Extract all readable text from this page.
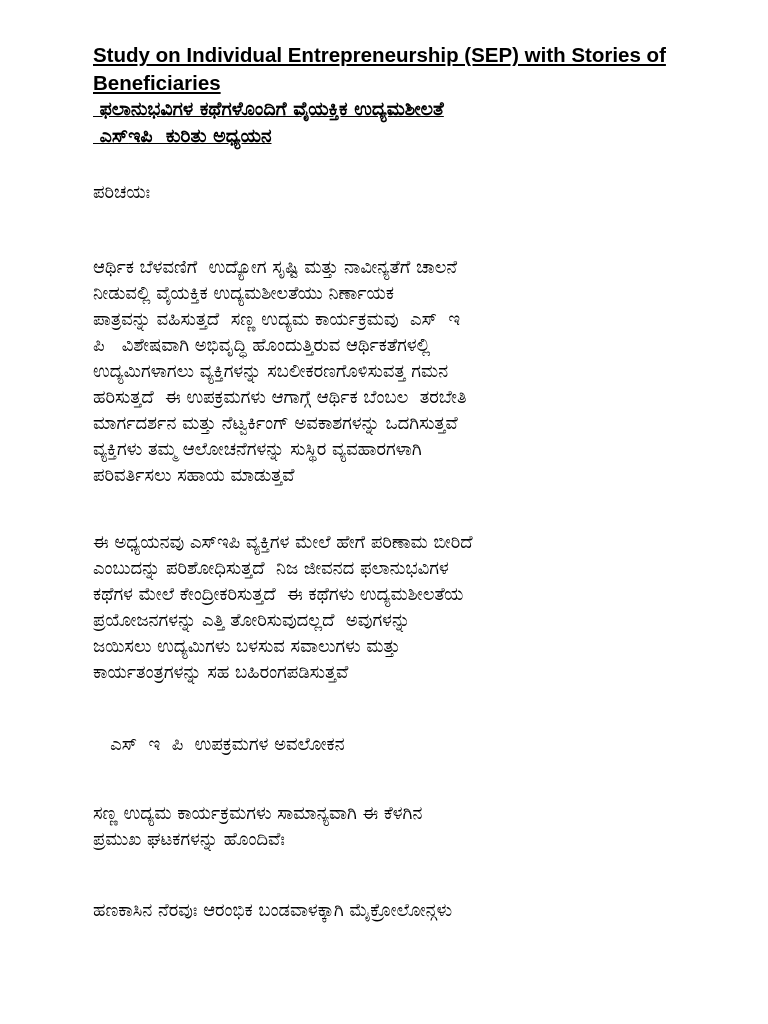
Study on Individual Entrepreneurship (SEP) with Stories of
Beneficiaries
ಫಲಾನುಭವಿಗಳ ಕಥೆಗಳೊಂದಿಗೆ ವೈಯಕ್ತಿಕ ಉದ್ಯಮಶೀಲತೆ
ಎಸ್‌ಇಪಿ  ಕುರಿತು ಅಧ್ಯಯನ

ಪರಿಚಯಃ

ಆರ್ಥಿಕ ಬೆಳವಣಿಗೆ  ಉದ್ಯೋಗ ಸೃಷ್ಟಿ ಮತ್ತು ನಾವೀನ್ಯತೆಗೆ ಚಾಲನೆ
ನೀಡುವಲ್ಲಿ ವೈಯಕ್ತಿಕ ಉದ್ಯಮಶೀಲತೆಯು ನಿರ್ಣಾಯಕ
ಪಾತ್ರವನ್ನು ವಹಿಸುತ್ತದೆ  ಸಣ್ಣ ಉದ್ಯಮ ಕಾರ್ಯಕ್ರಮವು  ಎಸ್  ಇ
ಪಿ   ವಿಶೇಷವಾಗಿ ಅಭಿವೃದ್ಧಿ ಹೊಂದುತ್ತಿರುವ ಆರ್ಥಿಕತೆಗಳಲ್ಲಿ
ಉದ್ಯಮಿಗಳಾಗಲು ವ್ಯಕ್ತಿಗಳನ್ನು ಸಬಲೀಕರಣಗೊಳಿಸುವತ್ತ ಗಮನ
ಹರಿಸುತ್ತದೆ  ಈ ಉಪಕ್ರಮಗಳು ಆಗಾಗ್ಗೆ ಆರ್ಥಿಕ ಬೆಂಬಲ  ತರಬೇತಿ
ಮಾರ್ಗದರ್ಶನ ಮತ್ತು ನೆಟ್ವರ್ಕಿಂಗ್ ಅವಕಾಶಗಳನ್ನು ಒದಗಿಸುತ್ತವೆ
ವ್ಯಕ್ತಿಗಳು ತಮ್ಮ ಆಲೋಚನೆಗಳನ್ನು ಸುಸ್ಥಿರ ವ್ಯವಹಾರಗಳಾಗಿ
ಪರಿವರ್ತಿಸಲು ಸಹಾಯ ಮಾಡುತ್ತವೆ

ಈ ಅಧ್ಯಯನವು ಎಸ್‌ಇಪಿ ವ್ಯಕ್ತಿಗಳ ಮೇಲೆ ಹೇಗೆ ಪರಿಣಾಮ ಬೀರಿದೆ
ಎಂಬುದನ್ನು ಪರಿಶೋಧಿಸುತ್ತದೆ  ನಿಜ ಜೀವನದ ಫಲಾನುಭವಿಗಳ
ಕಥೆಗಳ ಮೇಲೆ ಕೇಂದ್ರೀಕರಿಸುತ್ತದೆ  ಈ ಕಥೆಗಳು ಉದ್ಯಮಶೀಲತೆಯ
ಪ್ರಯೋಜನಗಳನ್ನು ಎತ್ತಿ ತೋರಿಸುವುದಲ್ಲದೆ  ಅವುಗಳನ್ನು
ಜಯಿಸಲು ಉದ್ಯಮಿಗಳು ಬಳಸುವ ಸವಾಲುಗಳು ಮತ್ತು
ಕಾರ್ಯತಂತ್ರಗಳನ್ನು ಸಹ ಬಹಿರಂಗಪಡಿಸುತ್ತವೆ

ಎಸ್  ಇ  ಪಿ  ಉಪಕ್ರಮಗಳ ಅವಲೋಕನ

ಸಣ್ಣ ಉದ್ಯಮ ಕಾರ್ಯಕ್ರಮಗಳು ಸಾಮಾನ್ಯವಾಗಿ ಈ ಕೆಳಗಿನ
ಪ್ರಮುಖ ಘಟಕಗಳನ್ನು ಹೊಂದಿವೆಃ

ಹಣಕಾಸಿನ ನೆರವುಃ ಆರಂಭಿಕ ಬಂಡವಾಳಕ್ಕಾಗಿ ಮೈಕ್ರೋಲೋನ್ಗಳು
